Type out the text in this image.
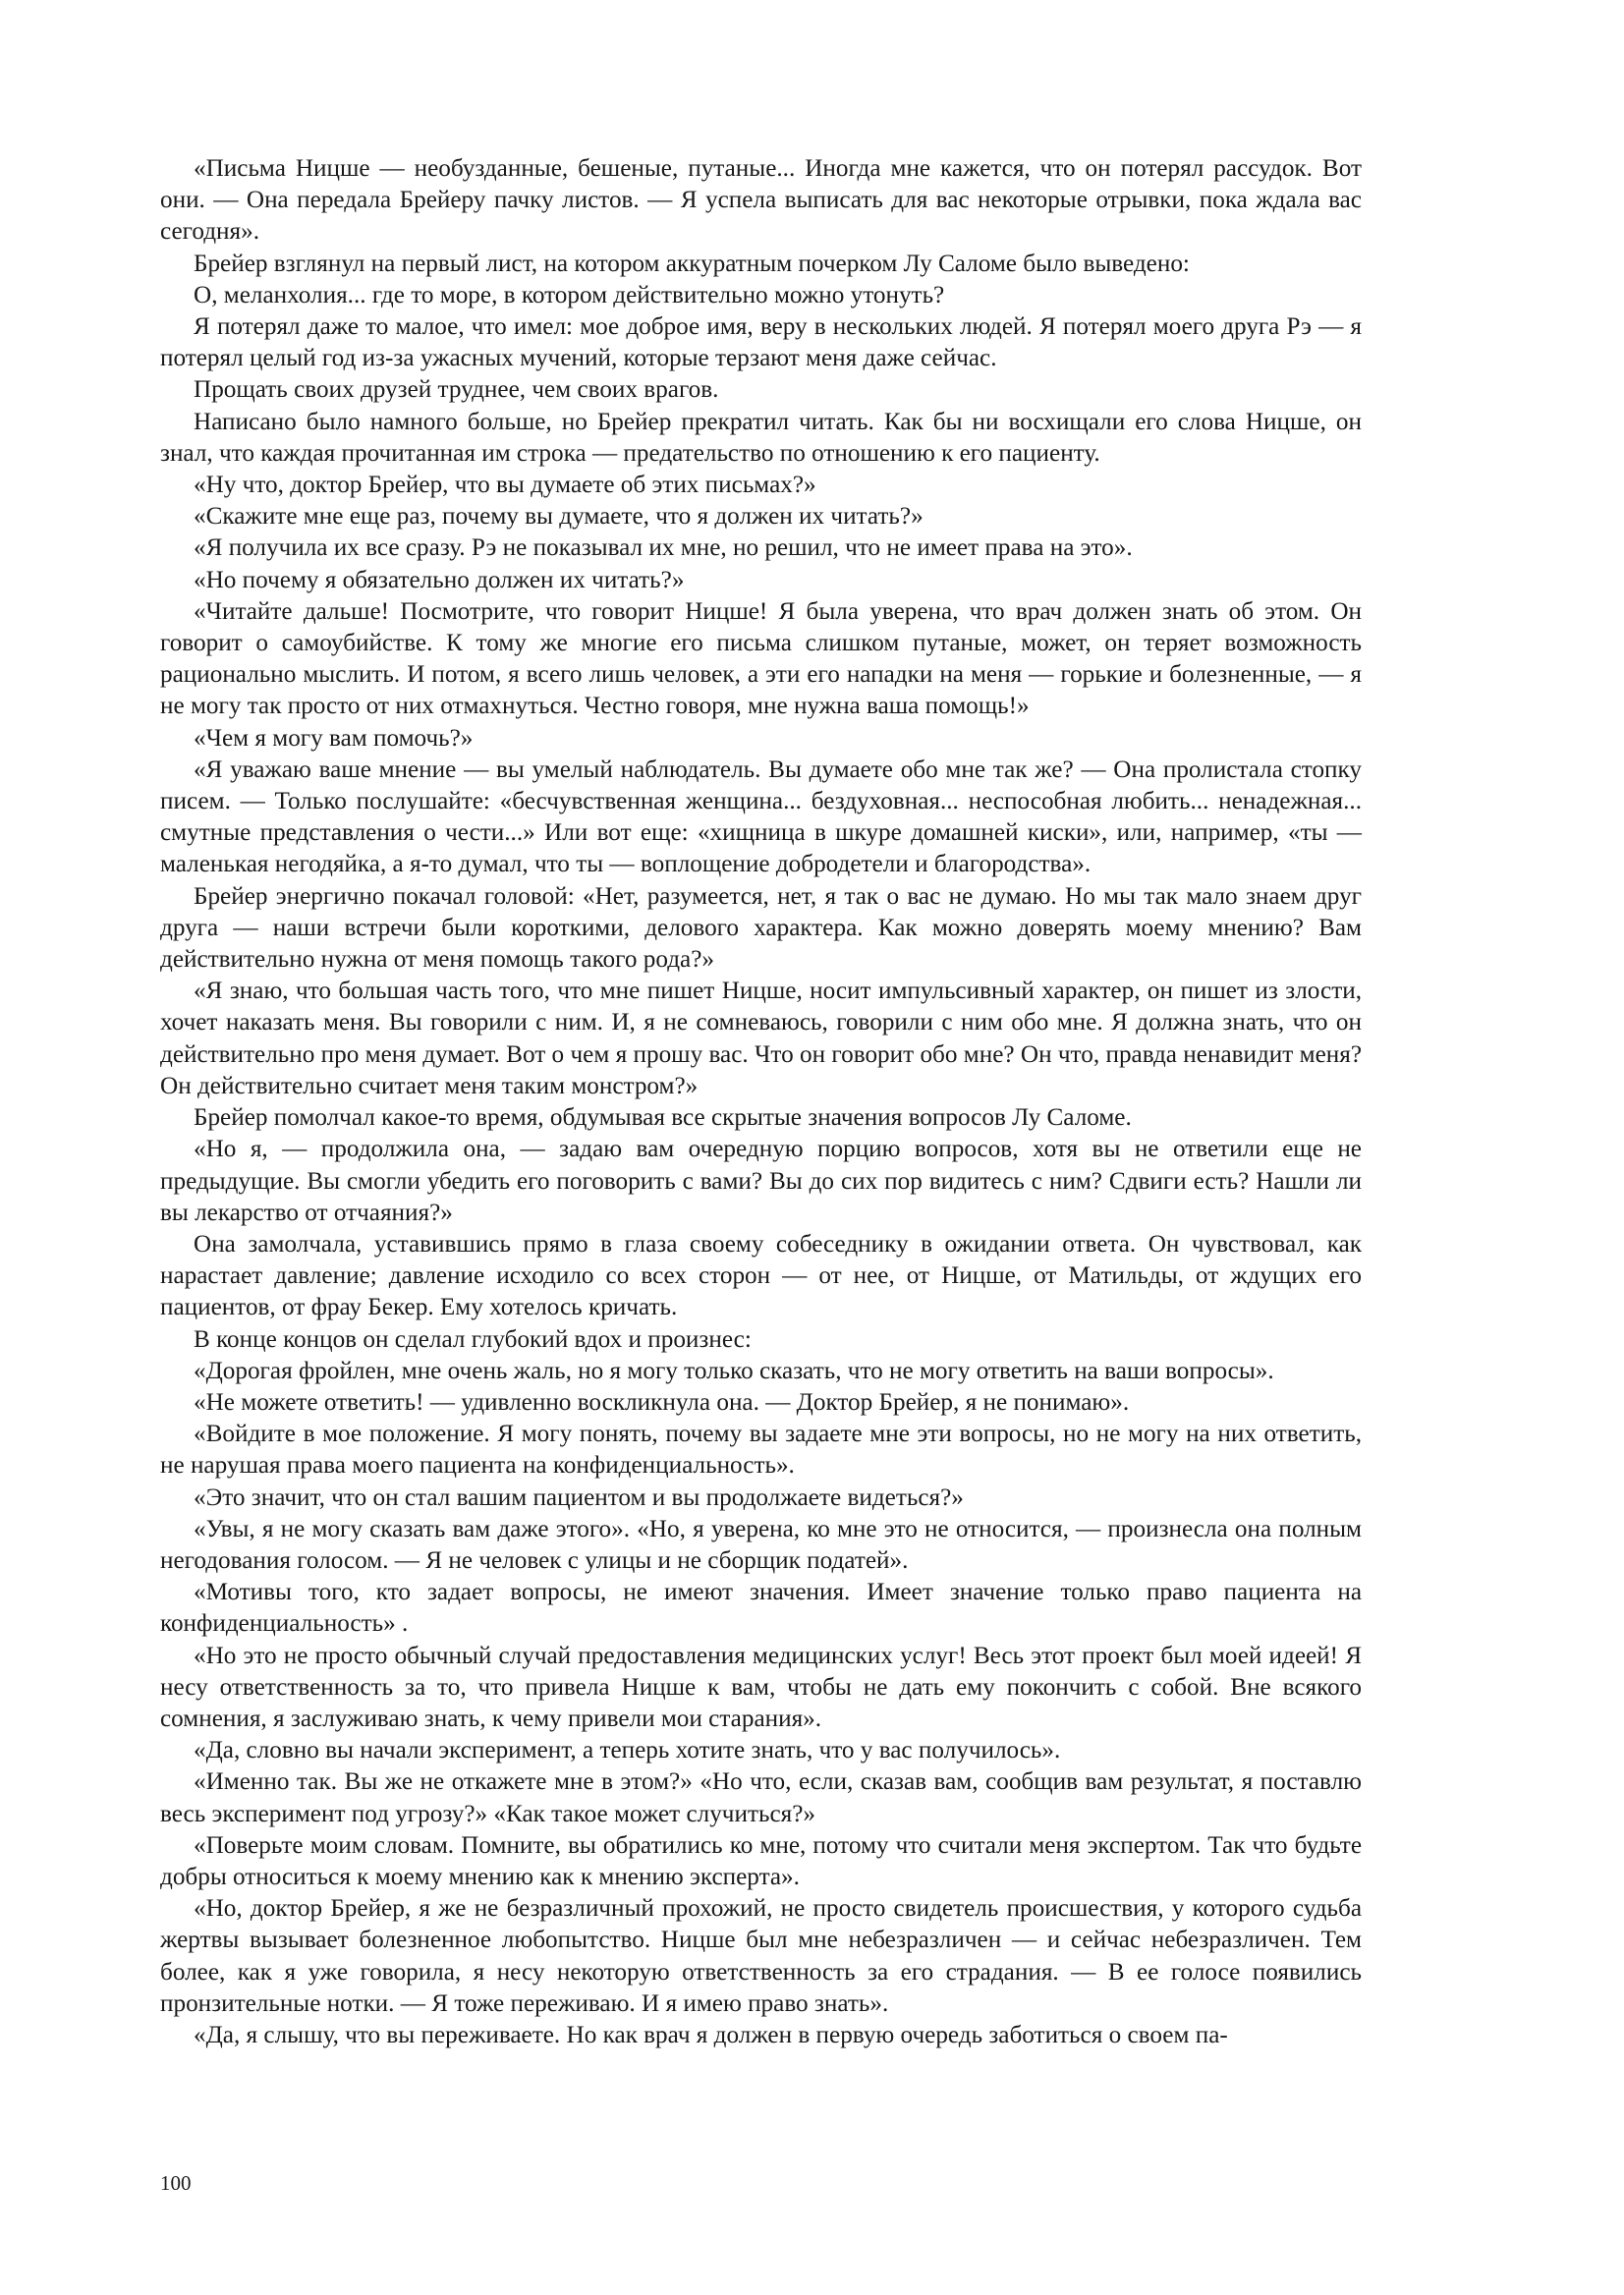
«Письма Ницше — необузданные, бешеные, путаные... Иногда мне кажется, что он потерял рассудок. Вот они. — Она передала Брейеру пачку листов. — Я успела выписать для вас некоторые отрывки, пока ждала вас сегодня».

Брейер взглянул на первый лист, на котором аккуратным почерком Лу Саломе было выведено:

О, меланхолия... где то море, в котором действительно можно утонуть?

Я потерял даже то малое, что имел: мое доброе имя, веру в нескольких людей. Я потерял моего друга Рэ — я потерял целый год из-за ужасных мучений, которые терзают меня даже сейчас.

Прощать своих друзей труднее, чем своих врагов.

Написано было намного больше, но Брейер прекратил читать. Как бы ни восхищали его слова Ницше, он знал, что каждая прочитанная им строка — предательство по отношению к его пациенту.

«Ну что, доктор Брейер, что вы думаете об этих письмах?»

«Скажите мне еще раз, почему вы думаете, что я должен их читать?»

«Я получила их все сразу. Рэ не показывал их мне, но решил, что не имеет права на это».

«Но почему я обязательно должен их читать?»

«Читайте дальше! Посмотрите, что говорит Ницше! Я была уверена, что врач должен знать об этом. Он говорит о самоубийстве. К тому же многие его письма слишком путаные, может, он теряет возможность рационально мыслить. И потом, я всего лишь человек, а эти его нападки на меня — горькие и болезненные, — я не могу так просто от них отмахнуться. Честно говоря, мне нужна ваша помощь!»

«Чем я могу вам помочь?»

«Я уважаю ваше мнение — вы умелый наблюдатель. Вы думаете обо мне так же? — Она пролистала стопку писем. — Только послушайте: «бесчувственная женщина... бездуховная... неспособная любить... ненадежная... смутные представления о чести...» Или вот еще: «хищница в шкуре домашней киски», или, например, «ты — маленькая негодяйка, а я-то думал, что ты — воплощение добродетели и благородства».

Брейер энергично покачал головой: «Нет, разумеется, нет, я так о вас не думаю. Но мы так мало знаем друг друга — наши встречи были короткими, делового характера. Как можно доверять моему мнению? Вам действительно нужна от меня помощь такого рода?»

«Я знаю, что большая часть того, что мне пишет Ницше, носит импульсивный характер, он пишет из злости, хочет наказать меня. Вы говорили с ним. И, я не сомневаюсь, говорили с ним обо мне. Я должна знать, что он действительно про меня думает. Вот о чем я прошу вас. Что он говорит обо мне? Он что, правда ненавидит меня? Он действительно считает меня таким монстром?»

Брейер помолчал какое-то время, обдумывая все скрытые значения вопросов Лу Саломе.

«Но я, — продолжила она, — задаю вам очередную порцию вопросов, хотя вы не ответили еще не предыдущие. Вы смогли убедить его поговорить с вами? Вы до сих пор видитесь с ним? Сдвиги есть? Нашли ли вы лекарство от отчаяния?»

Она замолчала, уставившись прямо в глаза своему собеседнику в ожидании ответа. Он чувствовал, как нарастает давление; давление исходило со всех сторон — от нее, от Ницше, от Матильды, от ждущих его пациентов, от фрау Бекер. Ему хотелось кричать.

В конце концов он сделал глубокий вдох и произнес:

«Дорогая фройлен, мне очень жаль, но я могу только сказать, что не могу ответить на ваши вопросы».

«Не можете ответить! — удивленно воскликнула она. — Доктор Брейер, я не понимаю».

«Войдите в мое положение. Я могу понять, почему вы задаете мне эти вопросы, но не могу на них ответить, не нарушая права моего пациента на конфиденциальность».

«Это значит, что он стал вашим пациентом и вы продолжаете видеться?»

«Увы, я не могу сказать вам даже этого». «Но, я уверена, ко мне это не относится, — произнесла она полным негодования голосом. — Я не человек с улицы и не сборщик податей».

«Мотивы того, кто задает вопросы, не имеют значения. Имеет значение только право пациента на конфиденциальность» .

«Но это не просто обычный случай предоставления медицинских услуг! Весь этот проект был моей идеей! Я несу ответственность за то, что привела Ницше к вам, чтобы не дать ему покончить с собой. Вне всякого сомнения, я заслуживаю знать, к чему привели мои старания».

«Да, словно вы начали эксперимент, а теперь хотите знать, что у вас получилось».

«Именно так. Вы же не откажете мне в этом?» «Но что, если, сказав вам, сообщив вам результат, я поставлю весь эксперимент под угрозу?» «Как такое может случиться?»

«Поверьте моим словам. Помните, вы обратились ко мне, потому что считали меня экспертом. Так что будьте добры относиться к моему мнению как к мнению эксперта».

«Но, доктор Брейер, я же не безразличный прохожий, не просто свидетель происшествия, у которого судьба жертвы вызывает болезненное любопытство. Ницше был мне небезразличен — и сейчас небезразличен. Тем более, как я уже говорила, я несу некоторую ответственность за его страдания. — В ее голосе появились пронзительные нотки. — Я тоже переживаю. И я имею право знать».

«Да, я слышу, что вы переживаете. Но как врач я должен в первую очередь заботиться о своем па-

100
